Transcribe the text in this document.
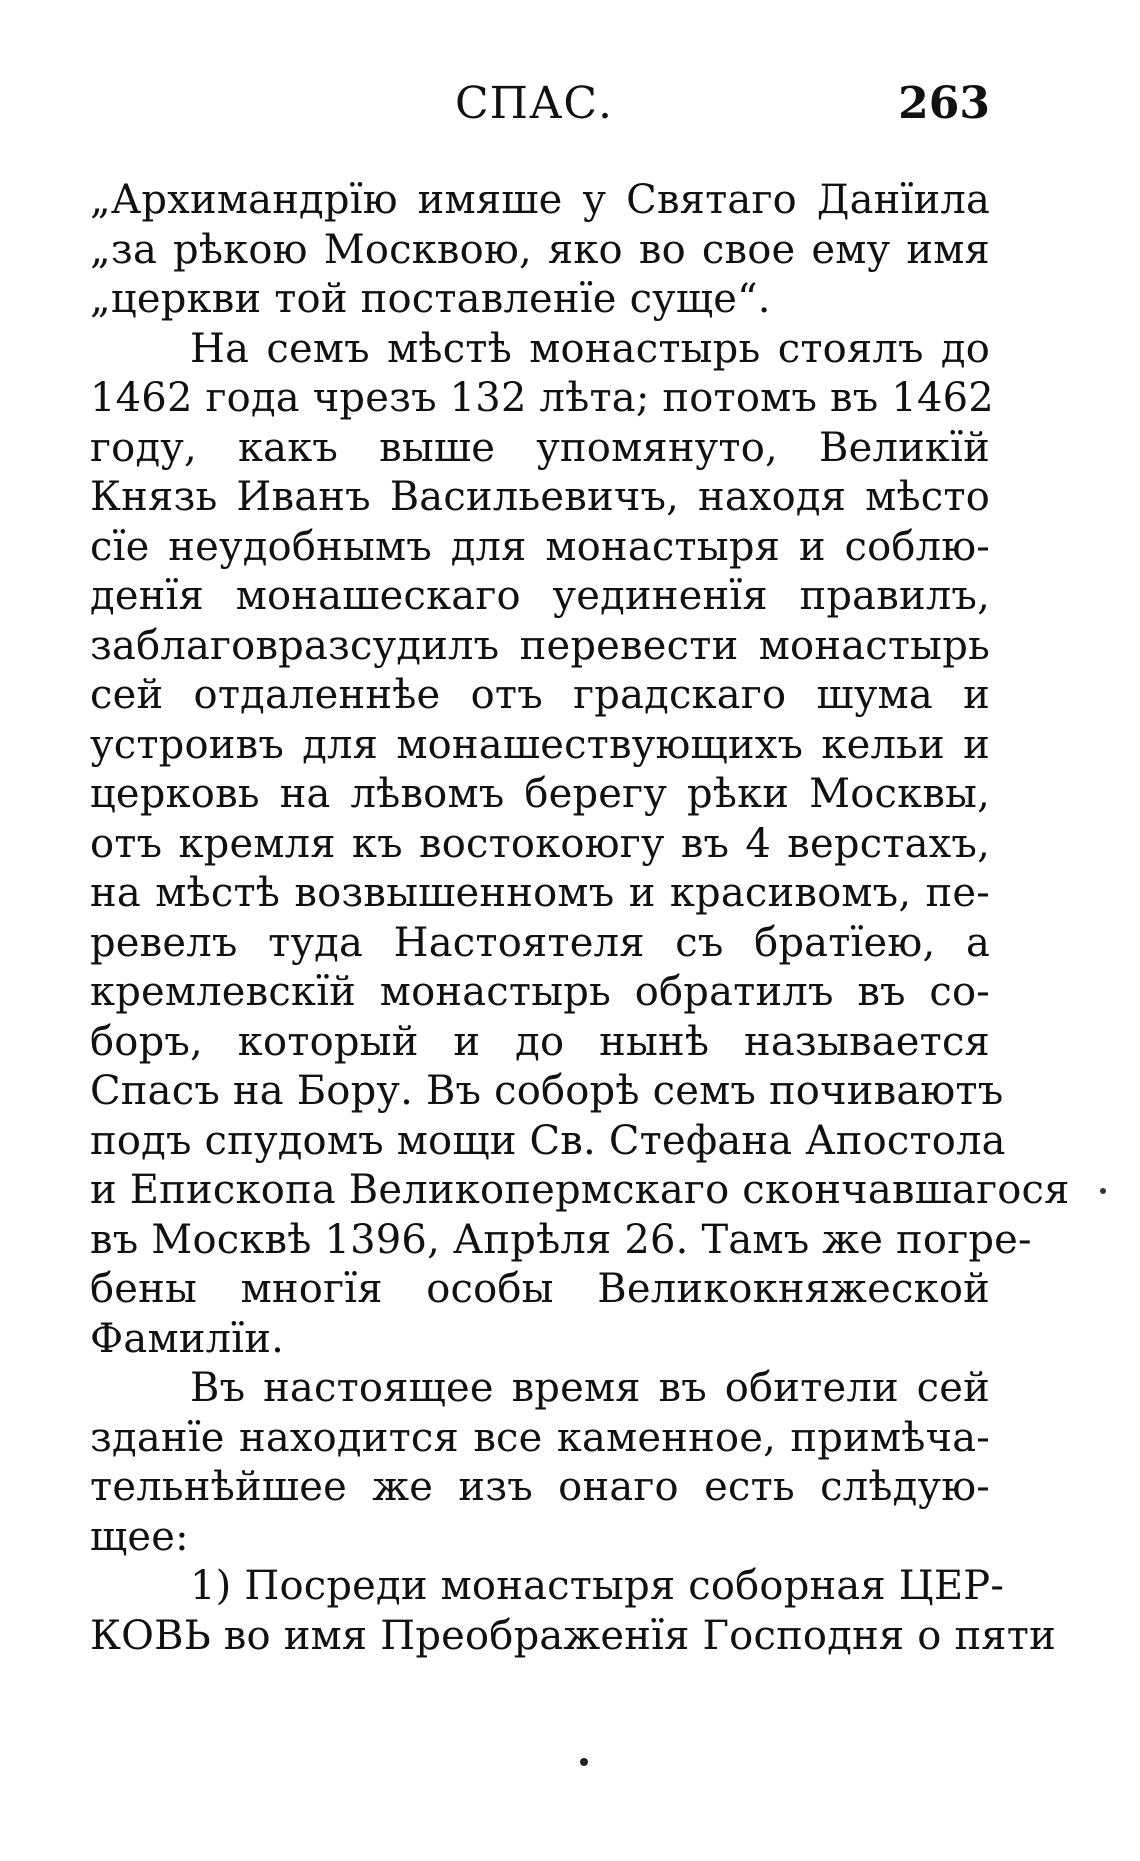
СПАС.	263
„Архимандрїю имяше у Святаго Данїила
„за рѣкою Москвою, яко во свое ему имя
„церкви той поставленїе суще“.
На семъ мѣстѣ монастырь стоялъ до
1462 года чрезъ 132 лѣта; потомъ въ 1462
году, какъ выше упомянуто, Великїй
Князь Иванъ Васильевичъ, находя мѣсто
сїе неудобнымъ для монастыря и соблю-
денїя монашескаго уединенїя правилъ,
заблаговразсудилъ перевести монастырь
сей отдаленнѣе отъ градскаго шума и
устроивъ для монашествующихъ кельи и
церковь на лѣвомъ берегу рѣки Москвы,
отъ кремля къ востокоюгу въ 4 верстахъ,
на мѣстѣ возвышенномъ и красивомъ, пе-
ревелъ туда Настоятеля съ братїею, а
кремлевскїй монастырь обратилъ въ со-
боръ, который и до нынѣ называется
Спасъ на Бору. Въ соборѣ семъ почиваютъ
подъ спудомъ мощи Св. Стефана Апостола
и Епископа Великопермскаго скончавшагося
въ Москвѣ 1396, Апрѣля 26. Тамъ же погре-
бены многїя особы Великокняжеской
Фамилїи.
Въ настоящее время въ обители сей
зданїе находится все каменное, примѣча-
тельнѣйшее же изъ онаго есть слѣдую-
щее:
1) Посреди монастыря соборная ЦЕР-
КОВЬ во имя Преображенїя Господня о пяти
